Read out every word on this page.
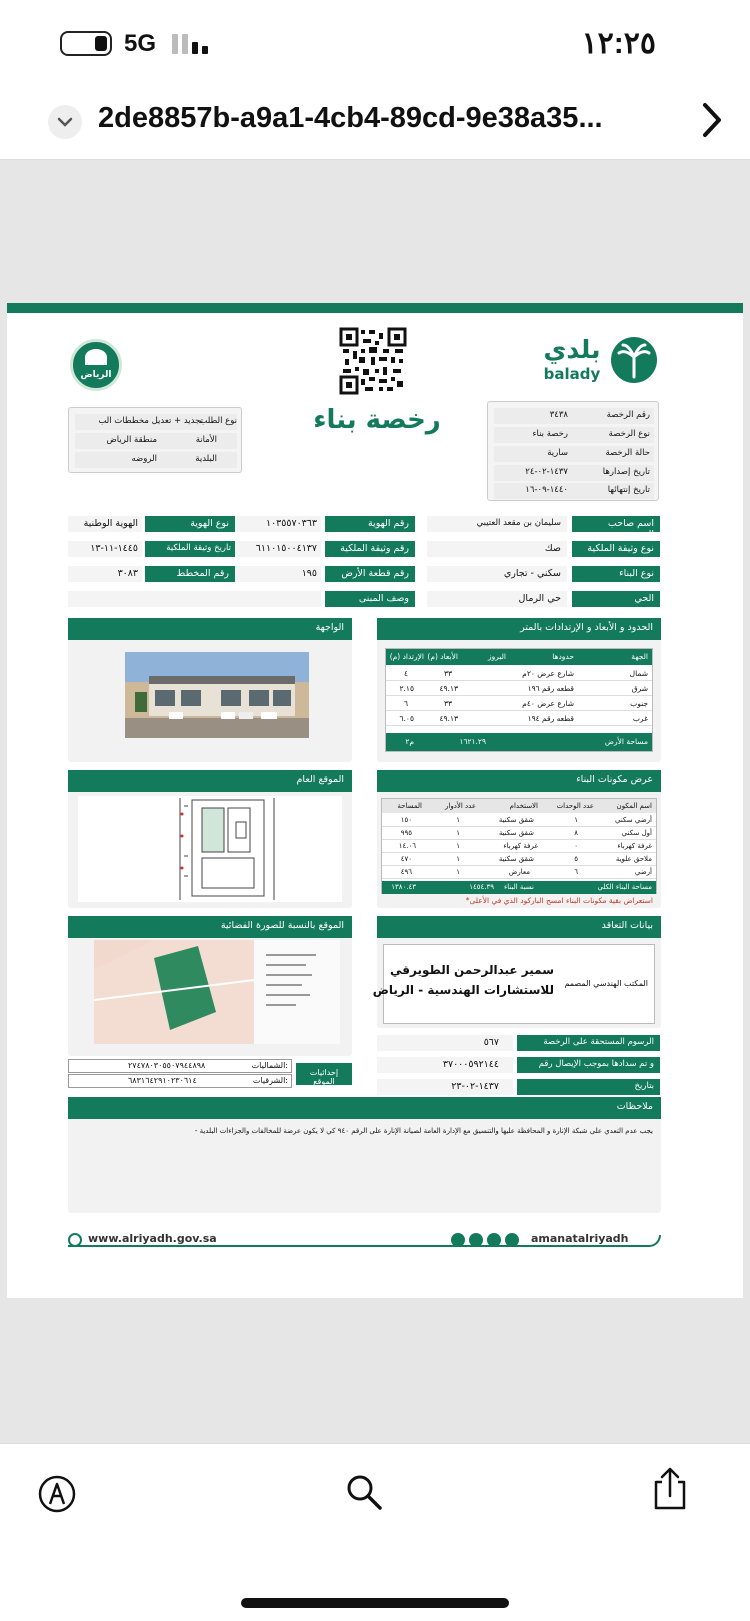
5G	١٢:٢٥
2de8857b-a9a1-4cb4-89cd-9e38a35...
الرياض
رخصة بناء
بلدي
balady
نوع الطلب
تجديد + تعديل مخططات الب
الأمانة
منطقة الرياض
البلدية
الروضه
رقم الرخصة
٣٤٣٨
نوع الرخصة
رخصة بناء
حالة الرخصة
سارية
تاريخ إصدارها
١٤٣٧-٠٢-٢٤
تاريخ إنتهائها
١٤٤٠-٠٩-١٦
اسم صاحب الرخصة
سليمان بن مقعد العتيبي
رقم الهوية
١٠٣٥٥٧٠٣٦٣
نوع الهوية
الهوية الوطنية
نوع وثيقة الملكية
صك
رقم وثيقة الملكية
٦١١٠١٥٠٠٤١٣٧
تاريخ وثيقة الملكية
١٤٤٥-١١-١٣
نوع البناء
سكني - تجاري
رقم قطعة الأرض
١٩٥
رقم المخطط
٣٠٨٣
الحي
حي الرمال
وصف المبنى
الحدود و الأبعاد و الإرتدادات بالمتر
الجهة
حدودها
البروز
الأبعاد (م)
الإرتداد (م)
شمال
شارع عرض ٢٠م
٣٣
٤
شرق
قطعه رقم ١٩٦
٤٩.١٣
٢.١٥
جنوب
شارع عرض ٤٠م
٣٣
٦
غرب
قطعه رقم ١٩٤
٤٩.١٣
٦.٠٥
مساحة الأرض
١٦٢١.٢٩
م٢
الواجهة
عرض مكونات البناء
اسم المكون
عدد الوحدات
الاستخدام
عدد الأدوار
المساحة
أرضي سكني
١
شقق سكنية
١
١٥٠
أول سكني
٨
شقق سكنية
١
٩٩٥
غرفة كهرباء
٠
غرفة كهرباء
١
١٤.٠٦
ملاحق علوية
٥
شقق سكنية
١
٤٧٠
أرضي
٦
معارض
١
٤٩٦
مساحة البناء الكلي
نسبة البناء
١٤٥٤.٣٩
١٣٨٠.٤٣
*استعراض بقية مكونات البناء امسح الباركود الذي في الأعلى
الموقع العام
بيانات التعاقد
المكتب الهندسي المصمم
سمير عبدالرحمن الطويرقي
للاستشارات الهندسية - الرياض
الرسوم المستحقة على الرخصة
٥٦٧
و تم سدادها بموجب الإيصال رقم
٣٧٠٠٠٥٩٢١٤٤
بتاريخ
١٤٣٧-٠٢-٢٣
الموقع بالنسبة للصورة الفضائية
إحداثيات الموقع
الشماليات:
٢٧٤٧٨٠٣٠٥٥٠٧٩٤٤٨٩٨
الشرقيات:
٦٨٣١٦٤٢٩١٠٢٣٠٦١٤
ملاحظات
- يجب عدم التعدي على شبكة الإنارة و المحافظة عليها والتنسيق مع الإدارة العامة لصيانة الإنارة على الرقم ٩٤٠ كي لا يكون عرضة للمخالفات والجزاءات البلدية
www.alriyadh.gov.sa	amanatalriyadh
